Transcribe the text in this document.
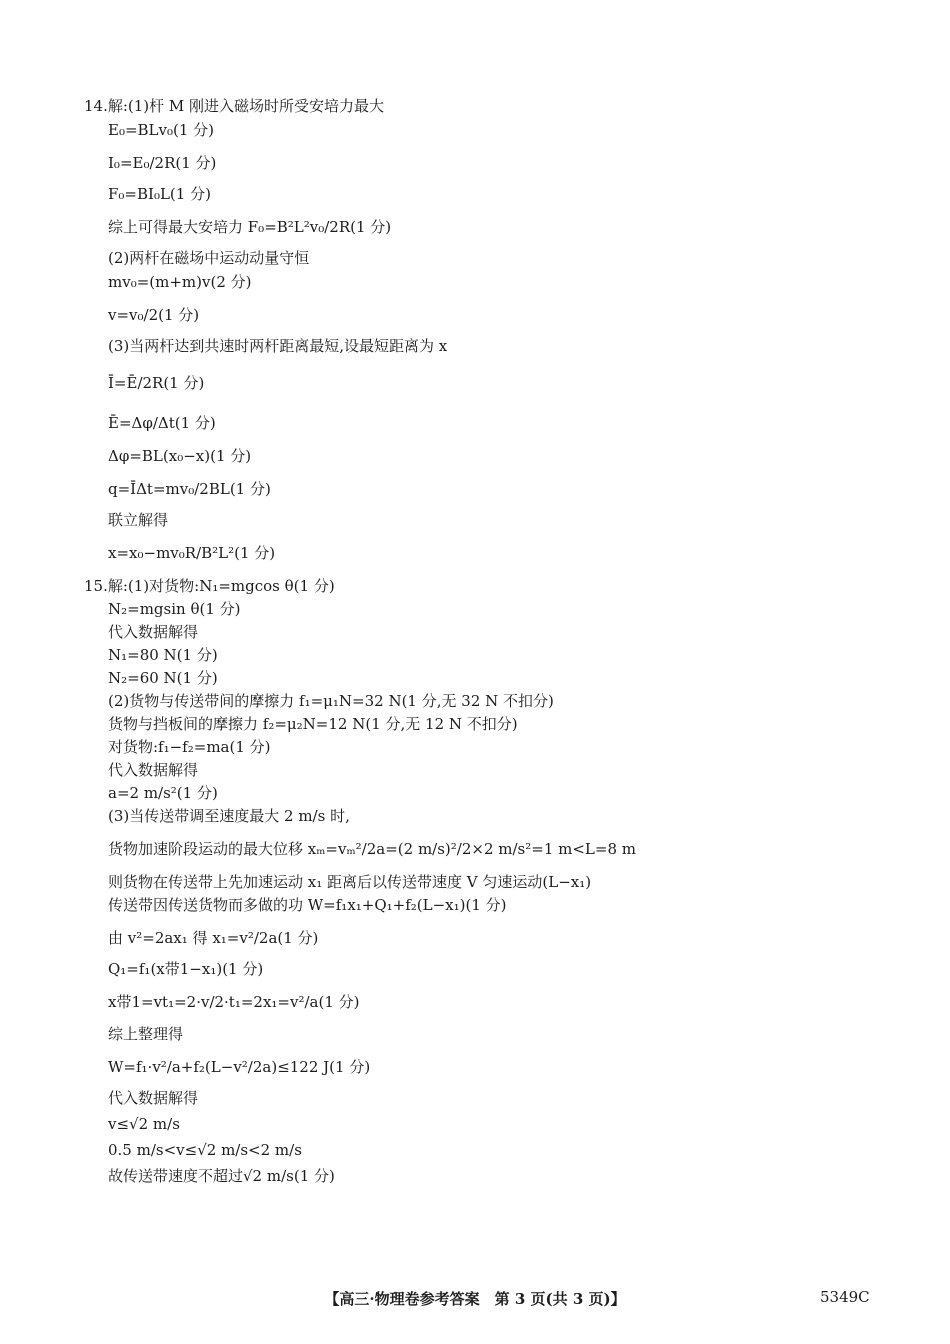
14.解:(1)杆 M 刚进入磁场时所受安培力最大
E₀=BLv₀(1 分)
I₀=E₀/2R(1 分)
F₀=BI₀L(1 分)
综上可得最大安培力 F₀=B²L²v₀/2R(1 分)
(2)两杆在磁场中运动动量守恒
mv₀=(m+m)v(2 分)
v=v₀/2(1 分)
(3)当两杆达到共速时两杆距离最短,设最短距离为 x
Ī=Ē/2R(1 分)
Ē=Δφ/Δt(1 分)
Δφ=BL(x₀−x)(1 分)
q=ĪΔt=mv₀/2BL(1 分)
联立解得
x=x₀−mv₀R/B²L²(1 分)
15.解:(1)对货物:N₁=mgcos θ(1 分)
N₂=mgsin θ(1 分)
代入数据解得
N₁=80 N(1 分)
N₂=60 N(1 分)
(2)货物与传送带间的摩擦力 f₁=μ₁N=32 N(1 分,无 32 N 不扣分)
货物与挡板间的摩擦力 f₂=μ₂N=12 N(1 分,无 12 N 不扣分)
对货物:f₁−f₂=ma(1 分)
代入数据解得
a=2 m/s²(1 分)
(3)当传送带调至速度最大 2 m/s 时,
货物加速阶段运动的最大位移 xₘ=vₘ²/2a=(2 m/s)²/2×2 m/s²=1 m<L=8 m
则货物在传送带上先加速运动 x₁ 距离后以传送带速度 V 匀速运动(L−x₁)
传送带因传送货物而多做的功 W=f₁x₁+Q₁+f₂(L−x₁)(1 分)
由 v²=2ax₁ 得 x₁=v²/2a(1 分)
Q₁=f₁(x带1−x₁)(1 分)
x带1=vt₁=2·v/2·t₁=2x₁=v²/a(1 分)
综上整理得
W=f₁·v²/a+f₂(L−v²/2a)≤122 J(1 分)
代入数据解得
v≤√2 m/s
0.5 m/s<v≤√2 m/s<2 m/s
故传送带速度不超过√2 m/s(1 分)
【高三·物理卷参考答案　第 3 页(共 3 页)】	5349C
